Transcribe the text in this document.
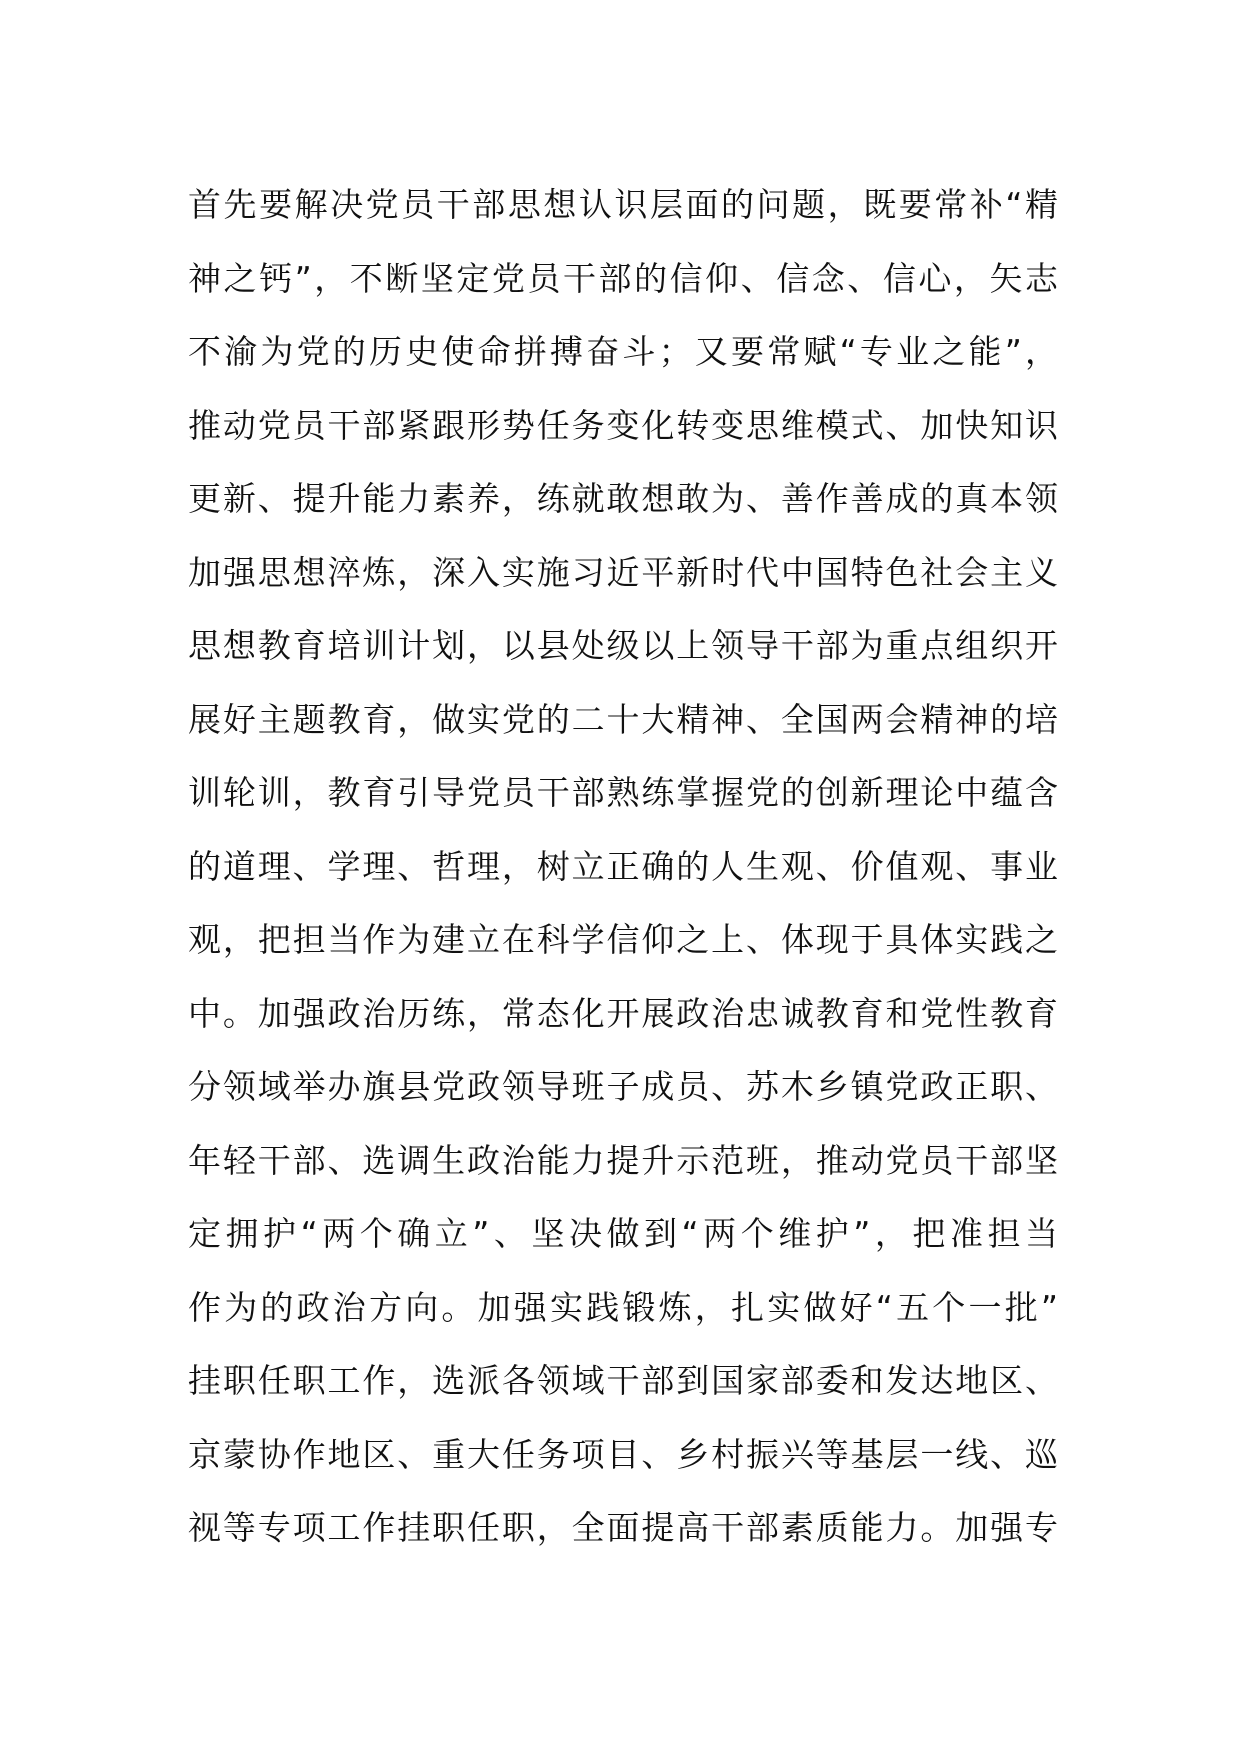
首先要解决党员干部思想认识层面的问题，既要常补“精
神之钙”，不断坚定党员干部的信仰、信念、信心，矢志
不渝为党的历史使命拼搏奋斗；又要常赋“专业之能”，
推动党员干部紧跟形势任务变化转变思维模式、加快知识
更新、提升能力素养，练就敢想敢为、善作善成的真本领
加强思想淬炼，深入实施习近平新时代中国特色社会主义
思想教育培训计划，以县处级以上领导干部为重点组织开
展好主题教育，做实党的二十大精神、全国两会精神的培
训轮训，教育引导党员干部熟练掌握党的创新理论中蕴含
的道理、学理、哲理，树立正确的人生观、价值观、事业
观，把担当作为建立在科学信仰之上、体现于具体实践之
中。加强政治历练，常态化开展政治忠诚教育和党性教育
分领域举办旗县党政领导班子成员、苏木乡镇党政正职、
年轻干部、选调生政治能力提升示范班，推动党员干部坚
定拥护“两个确立”、坚决做到“两个维护”，把准担当
作为的政治方向。加强实践锻炼，扎实做好“五个一批”
挂职任职工作，选派各领域干部到国家部委和发达地区、
京蒙协作地区、重大任务项目、乡村振兴等基层一线、巡
视等专项工作挂职任职，全面提高干部素质能力。加强专
